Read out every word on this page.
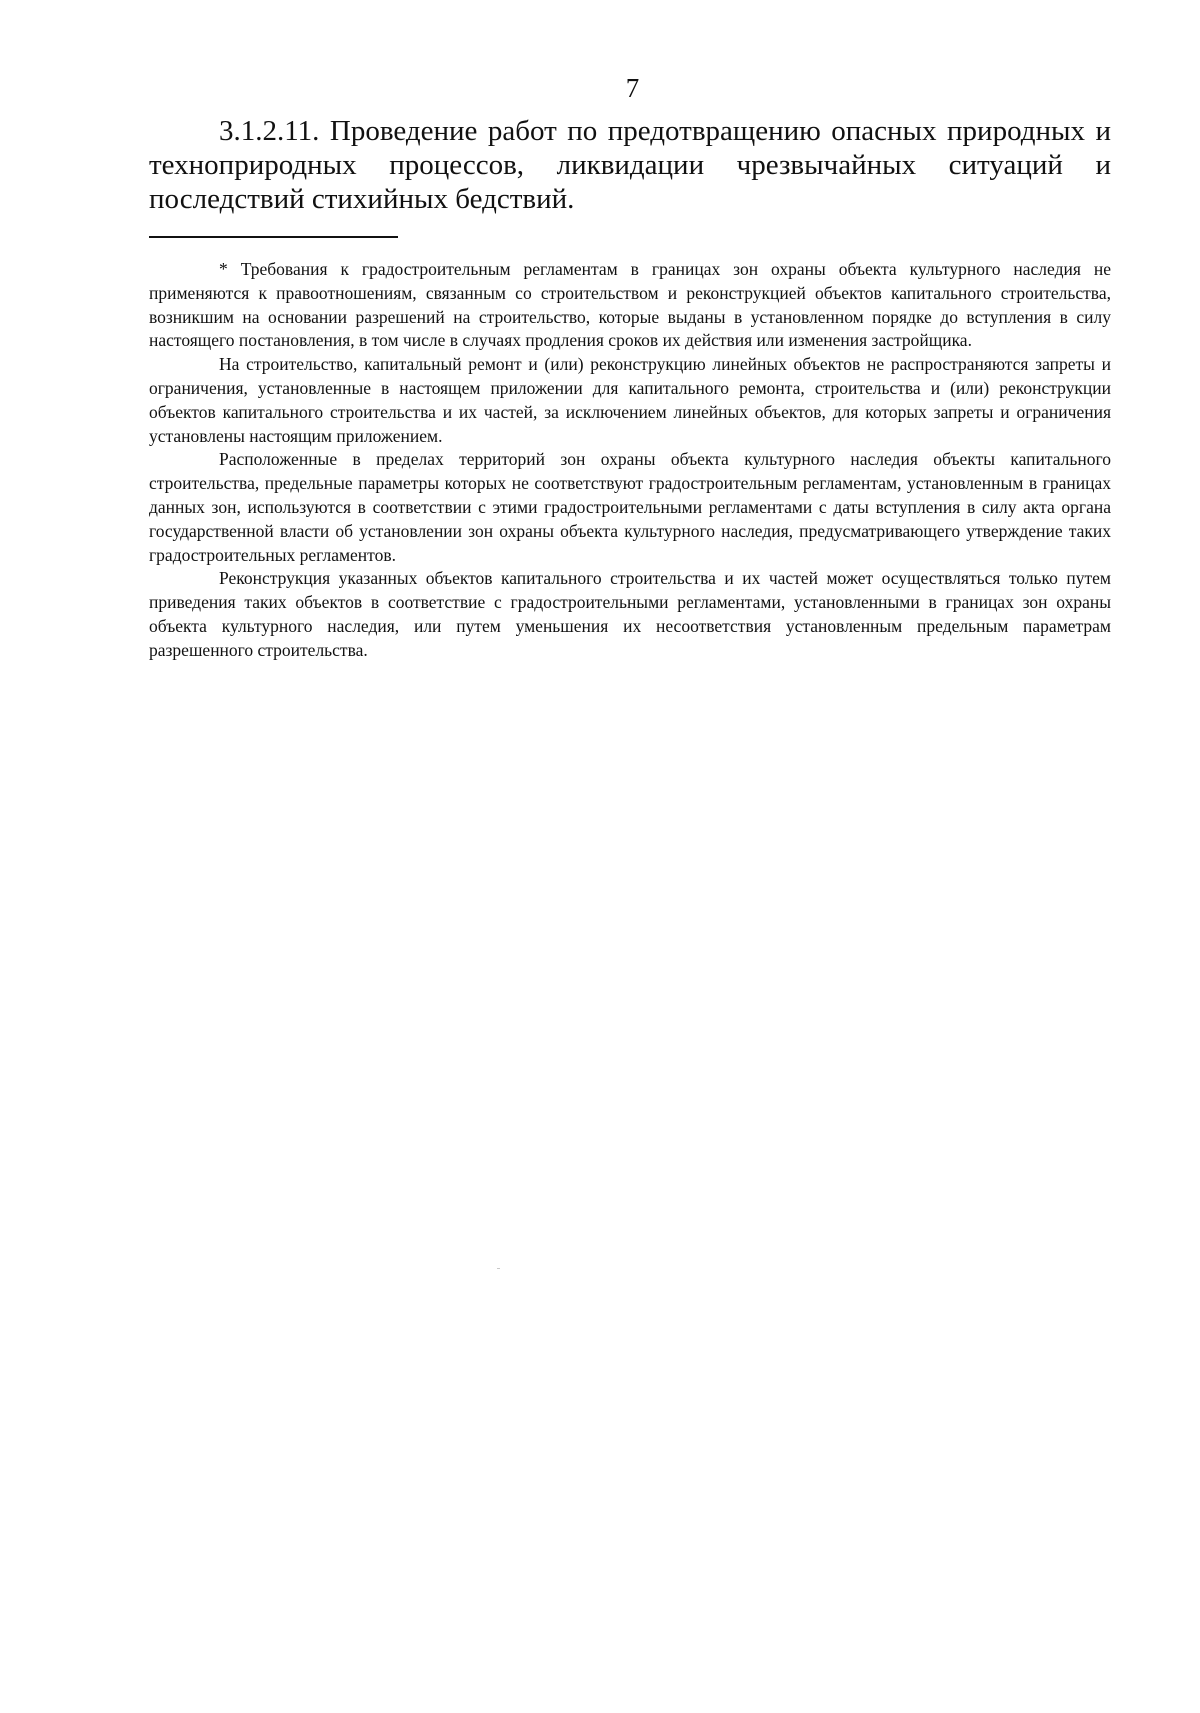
7

3.1.2.11. Проведение работ по предотвращению опасных природных и технoприродных процессов, ликвидации чрезвычайных ситуаций и последствий стихийных бедствий.

* Требования к градостроительным регламентам в границах зон охраны объекта культурного наследия не применяются к правоотношениям, связанным со строительством и реконструкцией объектов капитального строительства, возникшим на основании разрешений на строительство, которые выданы в установленном порядке до вступления в силу настоящего постановления, в том числе в случаях продления сроков их действия или изменения застройщика.

На строительство, капитальный ремонт и (или) реконструкцию линейных объектов не распространяются запреты и ограничения, установленные в настоящем приложении для капитального ремонта, строительства и (или) реконструкции объектов капитального строительства и их частей, за исключением линейных объектов, для которых запреты и ограничения установлены настоящим приложением.

Расположенные в пределах территорий зон охраны объекта культурного наследия объекты капитального строительства, предельные параметры которых не соответствуют градостроительным регламентам, установленным в границах данных зон, используются в соответствии с этими градостроительными регламентами с даты вступления в силу акта органа государственной власти об установлении зон охраны объекта культурного наследия, предусматривающего утверждение таких градостроительных регламентов.

Реконструкция указанных объектов капитального строительства и их частей может осуществляться только путем приведения таких объектов в соответствие с градостроительными регламентами, установленными в границах зон охраны объекта культурного наследия, или путем уменьшения их несоответствия установленным предельным параметрам разрешенного строительства.
